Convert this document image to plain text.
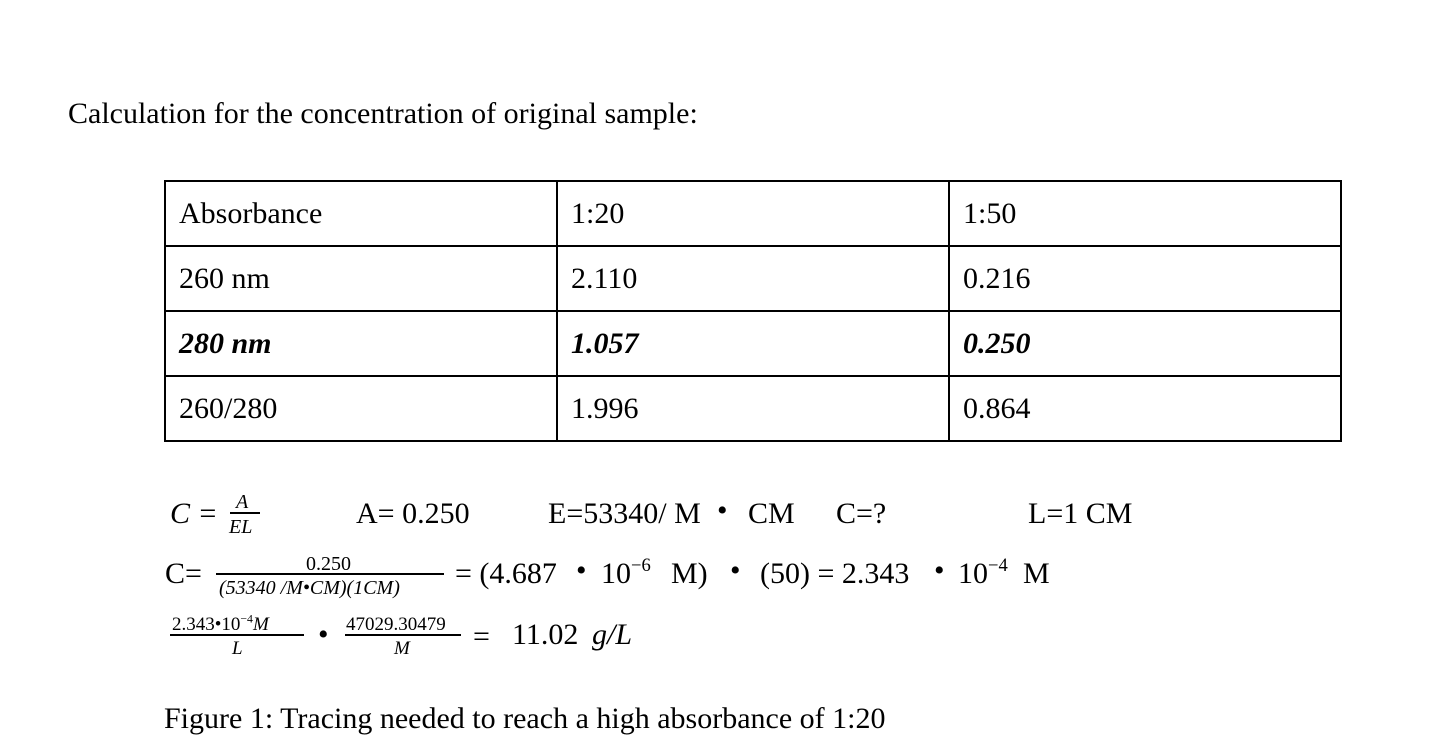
Calculation for the concentration of original sample:
Absorbance	1:20	1:50
260 nm	2.110	0.216
280 nm	1.057	0.250
260/280	1.996	0.864
C = A
EL	A= 0.250	E=53340/ M • CM C=?	L=1 CM
C=	0.250
(53340 /M•CM)(1CM) = (4.687 • $10^{-6}$ M) • (50) = 2.343 • $10^{-4}$ M
$2.343•10^{-4}M$
L	• 47029.30479
M = 11.02 g/L
Figure 1: Tracing needed to reach a high absorbance of 1:20
